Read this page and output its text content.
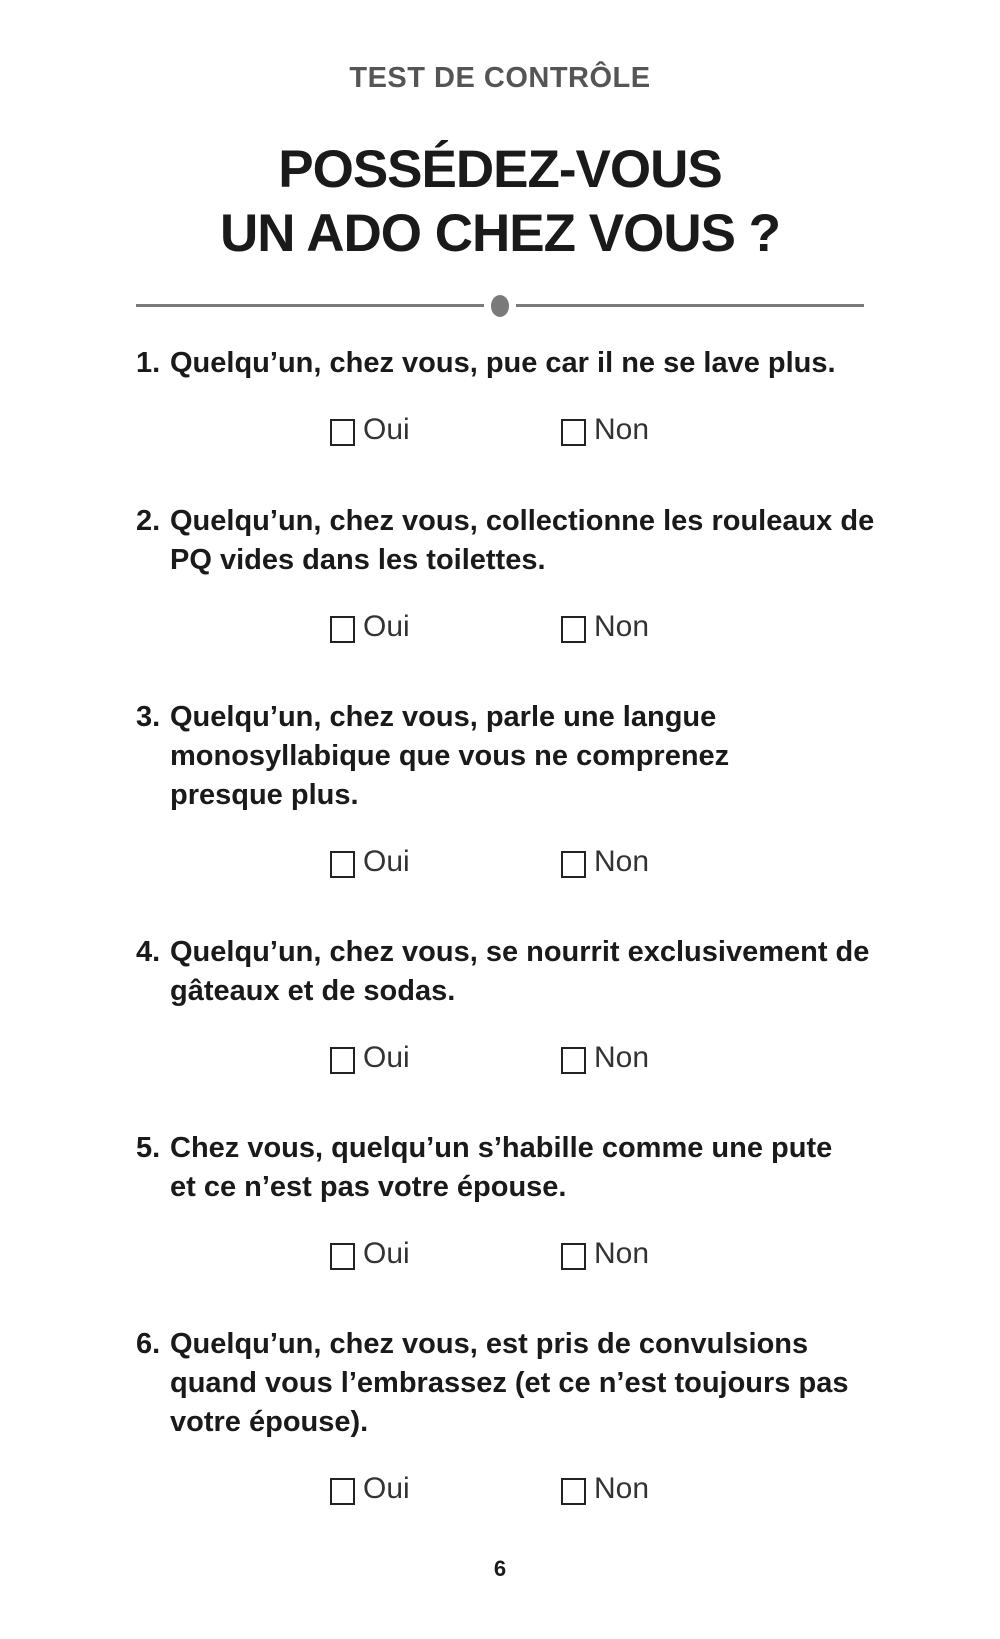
TEST DE CONTRÔLE
POSSÉDEZ-VOUS
UN ADO CHEZ VOUS ?
1. Quelqu’un, chez vous, pue car il ne se lave plus.
Oui	Non
2. Quelqu’un, chez vous, collectionne les rouleaux de PQ vides dans les toilettes.
Oui	Non
3. Quelqu’un, chez vous, parle une langue monosyllabique que vous ne comprenez presque plus.
Oui	Non
4. Quelqu’un, chez vous, se nourrit exclusivement de gâteaux et de sodas.
Oui	Non
5. Chez vous, quelqu’un s’habille comme une pute et ce n’est pas votre épouse.
Oui	Non
6. Quelqu’un, chez vous, est pris de convulsions quand vous l’embrassez (et ce n’est toujours pas votre épouse).
Oui	Non
6
